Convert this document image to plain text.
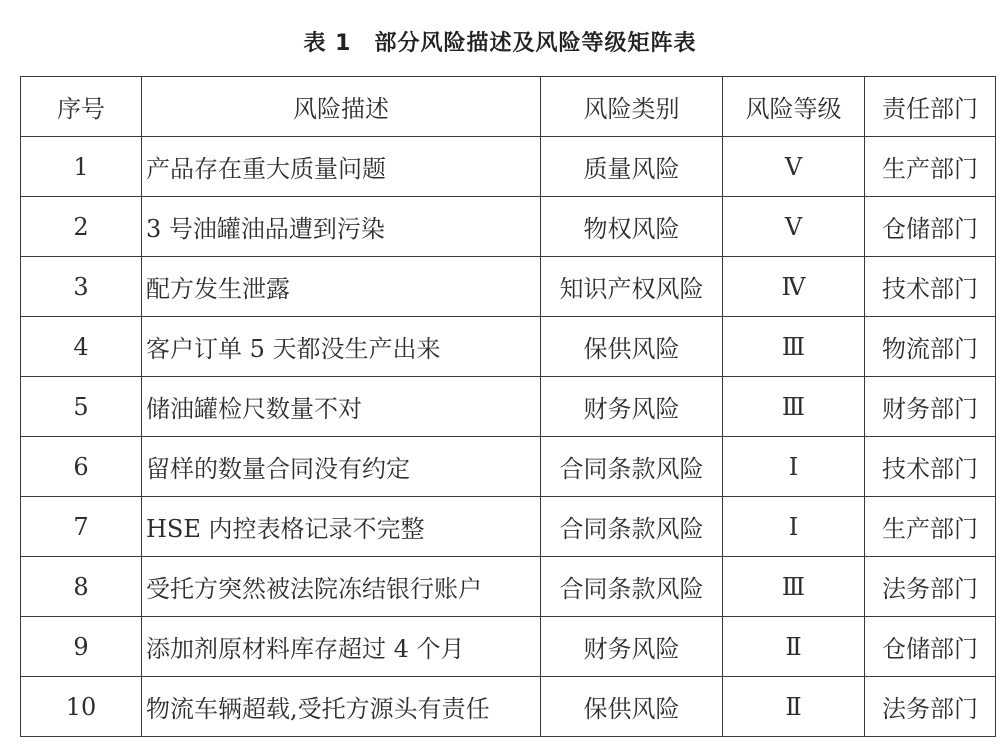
表 1　部分风险描述及风险等级矩阵表
序号	风险描述	风险类别	风险等级	责任部门
1	产品存在重大质量问题	质量风险	Ⅴ	生产部门
2	3 号油罐油品遭到污染	物权风险	Ⅴ	仓储部门
3	配方发生泄露	知识产权风险	Ⅳ	技术部门
4	客户订单 5 天都没生产出来	保供风险	Ⅲ	物流部门
5	储油罐检尺数量不对	财务风险	Ⅲ	财务部门
6	留样的数量合同没有约定	合同条款风险	Ⅰ	技术部门
7	HSE 内控表格记录不完整	合同条款风险	Ⅰ	生产部门
8	受托方突然被法院冻结银行账户	合同条款风险	Ⅲ	法务部门
9	添加剂原材料库存超过 4 个月	财务风险	Ⅱ	仓储部门
10	物流车辆超载,受托方源头有责任	保供风险	Ⅱ	法务部门
